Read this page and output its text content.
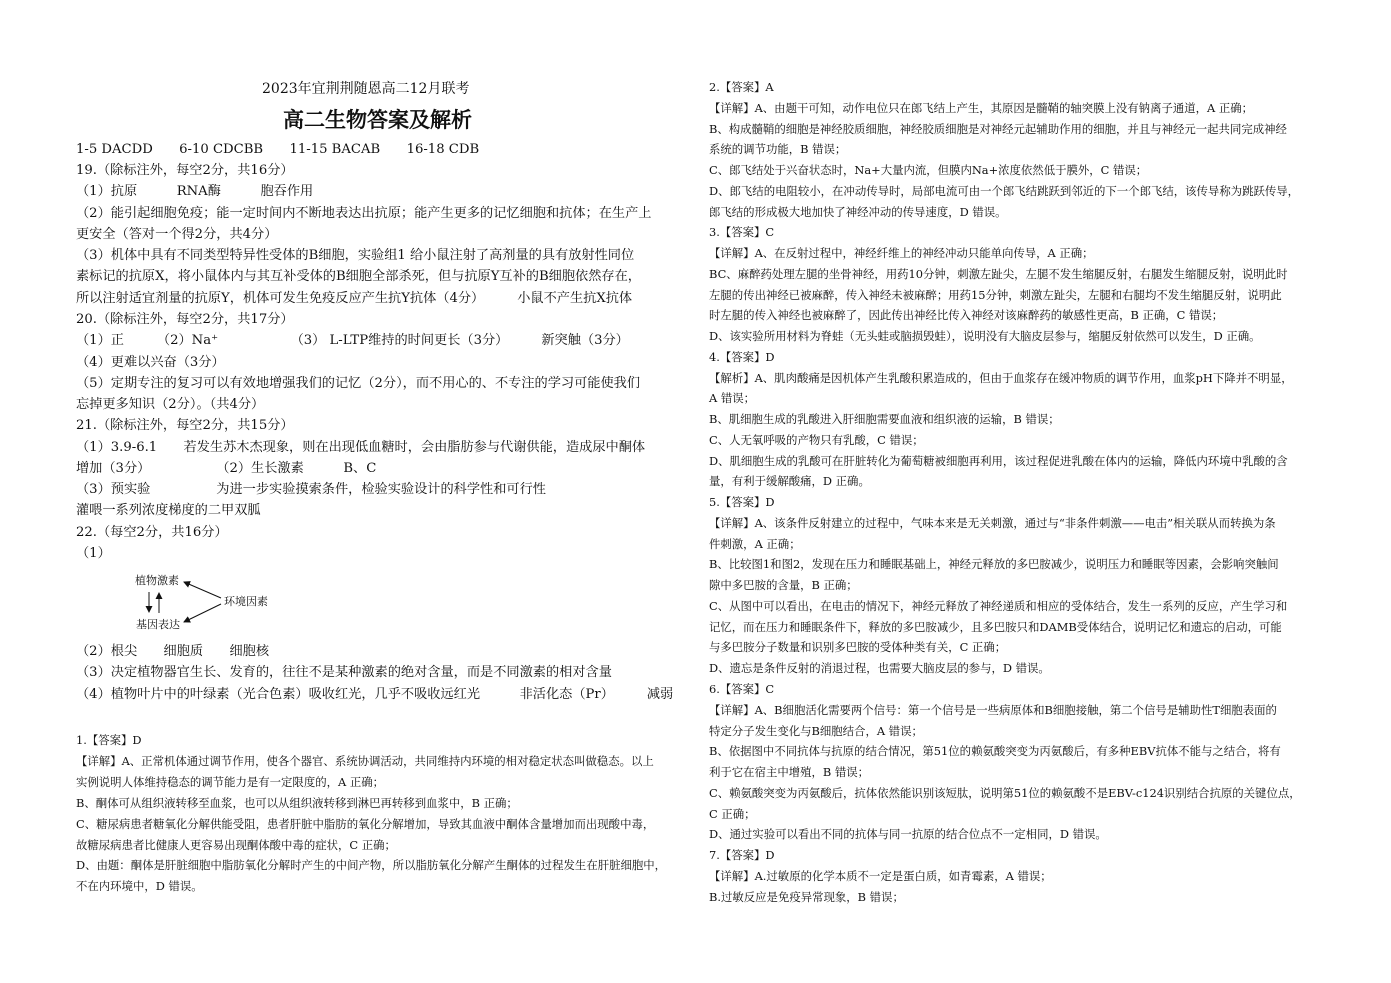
2023年宜荆荆随恩高二12月联考
高二生物答案及解析
1-5 DACDD　　6-10 CDCBB　　11-15 BACAB　　16-18 CDB
19.（除标注外，每空2分，共16分）
（1）抗原　　　RNA酶　　　胞吞作用
（2）能引起细胞免疫；能一定时间内不断地表达出抗原；能产生更多的记忆细胞和抗体；在生产上
更安全（答对一个得2分，共4分）
（3）机体中具有不同类型特异性受体的B细胞，实验组1 给小鼠注射了高剂量的具有放射性同位
素标记的抗原X，将小鼠体内与其互补受体的B细胞全部杀死，但与抗原Y互补的B细胞依然存在，
所以注射适宜剂量的抗原Y，机体可发生免疫反应产生抗Y抗体（4分）　　　小鼠不产生抗X抗体
20.（除标注外，每空2分，共17分）
（1）正　　　（2）Na⁺　　　　　　（3） L-LTP维持的时间更长（3分）　　　新突触（3分）
（4）更难以兴奋（3分）
（5）定期专注的复习可以有效地增强我们的记忆（2分），而不用心的、不专注的学习可能使我们
忘掉更多知识（2分）。（共4分）
21.（除标注外，每空2分，共15分）
（1）3.9-6.1　　若发生苏木杰现象，则在出现低血糖时，会由脂肪参与代谢供能，造成尿中酮体
增加（3分）　　　　　　（2）生长激素　　　B、C
（3）预实验　　　　　为进一步实验摸索条件，检验实验设计的科学性和可行性
灌喂一系列浓度梯度的二甲双胍
22.（每空2分，共16分）
（1）
（2）根尖　　细胞质　　细胞核
（3）决定植物器官生长、发育的，往往不是某种激素的绝对含量，而是不同激素的相对含量
（4）植物叶片中的叶绿素（光合色素）吸收红光，几乎不吸收远红光　　　非活化态（Pr）　　　减弱
1.【答案】D
【详解】A、正常机体通过调节作用，使各个器官、系统协调活动，共同维持内环境的相对稳定状态叫做稳态。以上
实例说明人体维持稳态的调节能力是有一定限度的，A 正确；
B、酮体可从组织液转移至血浆，也可以从组织液转移到淋巴再转移到血浆中，B 正确；
C、糖尿病患者糖氧化分解供能受阻，患者肝脏中脂肪的氧化分解增加，导致其血液中酮体含量增加而出现酸中毒，
故糖尿病患者比健康人更容易出现酮体酸中毒的症状，C 正确；
D、由题：酮体是肝脏细胞中脂肪氧化分解时产生的中间产物，所以脂肪氧化分解产生酮体的过程发生在肝脏细胞中，
不在内环境中，D 错误。
植物激素
基因表达
环境因素
2.【答案】A
【详解】A、由题干可知，动作电位只在郎飞结上产生，其原因是髓鞘的轴突膜上没有钠离子通道，A 正确；
B、构成髓鞘的细胞是神经胶质细胞，神经胶质细胞是对神经元起辅助作用的细胞，并且与神经元一起共同完成神经
系统的调节功能，B 错误；
C、郎飞结处于兴奋状态时，Na+大量内流，但膜内Na+浓度依然低于膜外，C 错误；
D、郎飞结的电阻较小，在冲动传导时，局部电流可由一个郎飞结跳跃到邻近的下一个郎飞结，该传导称为跳跃传导，
郎飞结的形成极大地加快了神经冲动的传导速度，D 错误。
3.【答案】C
【详解】A、在反射过程中，神经纤维上的神经冲动只能单向传导，A 正确；
BC、麻醉药处理左腿的坐骨神经，用药10分钟，刺激左趾尖，左腿不发生缩腿反射，右腿发生缩腿反射，说明此时
左腿的传出神经已被麻醉，传入神经未被麻醉；用药15分钟，刺激左趾尖，左腿和右腿均不发生缩腿反射，说明此
时左腿的传入神经也被麻醉了，因此传出神经比传入神经对该麻醉药的敏感性更高，B 正确，C 错误；
D、该实验所用材料为脊蛙（无头蛙或脑损毁蛙），说明没有大脑皮层参与，缩腿反射依然可以发生，D 正确。
4.【答案】D
【解析】A、肌肉酸痛是因机体产生乳酸积累造成的，但由于血浆存在缓冲物质的调节作用，血浆pH下降并不明显，
A 错误；
B、肌细胞生成的乳酸进入肝细胞需要血液和组织液的运输，B 错误；
C、人无氧呼吸的产物只有乳酸，C 错误；
D、肌细胞生成的乳酸可在肝脏转化为葡萄糖被细胞再利用，该过程促进乳酸在体内的运输，降低内环境中乳酸的含
量，有利于缓解酸痛，D 正确。
5.【答案】D
【详解】A、该条件反射建立的过程中，气味本来是无关刺激，通过与“非条件刺激——电击”相关联从而转换为条
件刺激，A 正确；
B、比较图1和图2，发现在压力和睡眠基础上，神经元释放的多巴胺减少，说明压力和睡眠等因素，会影响突触间
隙中多巴胺的含量，B 正确；
C、从图中可以看出，在电击的情况下，神经元释放了神经递质和相应的受体结合，发生一系列的反应，产生学习和
记忆，而在压力和睡眠条件下，释放的多巴胺减少，且多巴胺只和DAMB受体结合，说明记忆和遗忘的启动，可能
与多巴胺分子数量和识别多巴胺的受体种类有关，C 正确；
D、遗忘是条件反射的消退过程，也需要大脑皮层的参与，D 错误。
6.【答案】C
【详解】A、B细胞活化需要两个信号：第一个信号是一些病原体和B细胞接触，第二个信号是辅助性T细胞表面的
特定分子发生变化与B细胞结合，A 错误；
B、依据图中不同抗体与抗原的结合情况，第51位的赖氨酸突变为丙氨酸后，有多种EBV抗体不能与之结合，将有
利于它在宿主中增殖，B 错误；
C、赖氨酸突变为丙氨酸后，抗体依然能识别该短肽，说明第51位的赖氨酸不是EBV-c124识别结合抗原的关键位点，
C 正确；
D、通过实验可以看出不同的抗体与同一抗原的结合位点不一定相同，D 错误。
7.【答案】D
【详解】A.过敏原的化学本质不一定是蛋白质，如青霉素，A 错误；
B.过敏反应是免疫异常现象，B 错误；
